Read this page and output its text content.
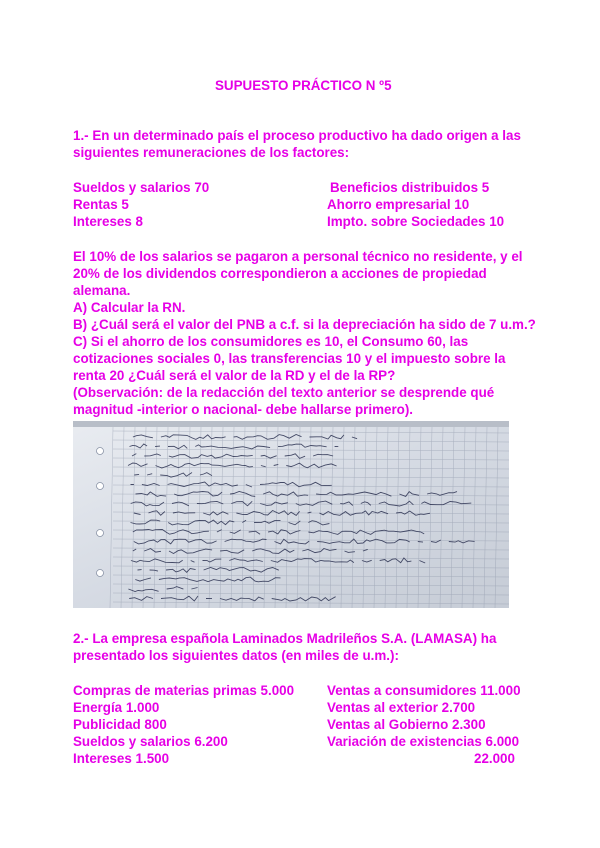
SUPUESTO PRÁCTICO N º5
1.- En un determinado país el proceso productivo ha dado origen a las
siguientes remuneraciones de los factores:
Sueldos y salarios 70
Rentas 5
Intereses 8
Beneficios distribuidos 5
Ahorro empresarial 10
Impto. sobre Sociedades 10
El 10% de los salarios se pagaron a personal técnico no residente, y el
20% de los dividendos correspondieron a acciones de propiedad
alemana.
A) Calcular la RN.
B) ¿Cuál será el valor del PNB a c.f. si la depreciación ha sido de 7 u.m.?
C) Si el ahorro de los consumidores es 10, el Consumo 60, las
cotizaciones sociales 0, las transferencias 10 y el impuesto sobre la
renta 20 ¿Cuál será el valor de la RD y el de la RP?
(Observación: de la redacción del texto anterior se desprende qué
magnitud -interior o nacional- debe hallarse primero).
2.- La empresa española Laminados Madrileños S.A. (LAMASA) ha
presentado los siguientes datos (en miles de u.m.):
Compras de materias primas 5.000
Energía 1.000
Publicidad 800
Sueldos y salarios 6.200
Intereses 1.500
Ventas a consumidores 11.000
Ventas al exterior 2.700
Ventas al Gobierno 2.300
Variación de existencias 6.000
22.000
